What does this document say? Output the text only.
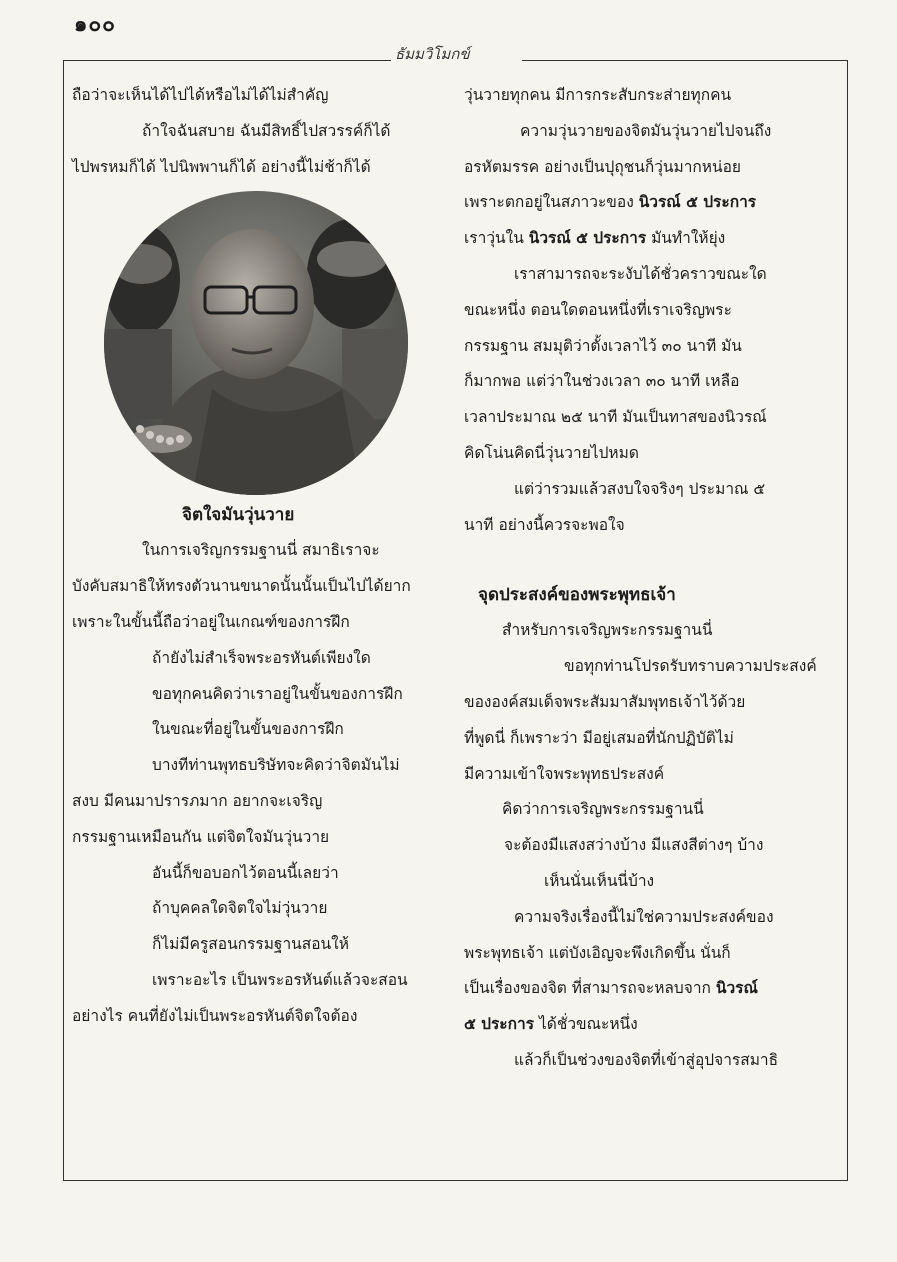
๑๐๐
ธัมมวิโมกข์

ถือว่าจะเห็นได้ไปได้หรือไม่ได้ไม่สำคัญ

ถ้าใจฉันสบาย ฉันมีสิทธิ์ไปสวรรค์ก็ได้

ไปพรหมก็ได้ ไปนิพพานก็ได้ อย่างนี้ไม่ช้าก็ได้

จิตใจมันวุ่นวาย

ในการเจริญกรรมฐานนี่ สมาธิเราจะ

บังคับสมาธิให้ทรงตัวนานขนาดนั้นนั้นเป็นไปได้ยาก

เพราะในขั้นนี้ถือว่าอยู่ในเกณฑ์ของการฝึก

ถ้ายังไม่สำเร็จพระอรหันต์เพียงใด

ขอทุกคนคิดว่าเราอยู่ในขั้นของการฝึก

ในขณะที่อยู่ในขั้นของการฝึก

บางทีท่านพุทธบริษัทจะคิดว่าจิตมันไม่

สงบ มีคนมาปรารภมาก อยากจะเจริญ

กรรมฐานเหมือนกัน แต่จิตใจมันวุ่นวาย

อันนี้ก็ขอบอกไว้ตอนนี้เลยว่า

ถ้าบุคคลใดจิตใจไม่วุ่นวาย

ก็ไม่มีครูสอนกรรมฐานสอนให้

เพราะอะไร เป็นพระอรหันต์แล้วจะสอน

อย่างไร คนที่ยังไม่เป็นพระอรหันต์จิตใจต้อง

วุ่นวายทุกคน มีการกระสับกระส่ายทุกคน

ความวุ่นวายของจิตมันวุ่นวายไปจนถึง

อรหัตมรรค อย่างเป็นปุถุชนก็วุ่นมากหน่อย

เพราะตกอยู่ในสภาวะของ นิวรณ์ ๕ ประการ

เราวุ่นใน นิวรณ์ ๕ ประการ มันทำให้ยุ่ง

เราสามารถจะระงับได้ชั่วคราวขณะใด

ขณะหนึ่ง ตอนใดตอนหนึ่งที่เราเจริญพระ

กรรมฐาน สมมุติว่าตั้งเวลาไว้ ๓๐ นาที มัน

ก็มากพอ แต่ว่าในช่วงเวลา ๓๐ นาที เหลือ

เวลาประมาณ ๒๕ นาที มันเป็นทาสของนิวรณ์

คิดโน่นคิดนี่วุ่นวายไปหมด

แต่ว่ารวมแล้วสงบใจจริงๆ ประมาณ ๕

นาที อย่างนี้ควรจะพอใจ

จุดประสงค์ของพระพุทธเจ้า

สำหรับการเจริญพระกรรมฐานนี่

ขอทุกท่านโปรดรับทราบความประสงค์

ขององค์สมเด็จพระสัมมาสัมพุทธเจ้าไว้ด้วย

ที่พูดนี่ ก็เพราะว่า มีอยู่เสมอที่นักปฏิบัติไม่

มีความเข้าใจพระพุทธประสงค์

คิดว่าการเจริญพระกรรมฐานนี่

จะต้องมีแสงสว่างบ้าง มีแสงสีต่างๆ บ้าง

เห็นนั่นเห็นนี่บ้าง

ความจริงเรื่องนี้ไม่ใช่ความประสงค์ของ

พระพุทธเจ้า แต่บังเอิญจะพึงเกิดขึ้น นั่นก็

เป็นเรื่องของจิต ที่สามารถจะหลบจาก นิวรณ์

๕ ประการ ได้ชั่วขณะหนึ่ง

แล้วก็เป็นช่วงของจิตที่เข้าสู่อุปจารสมาธิ
